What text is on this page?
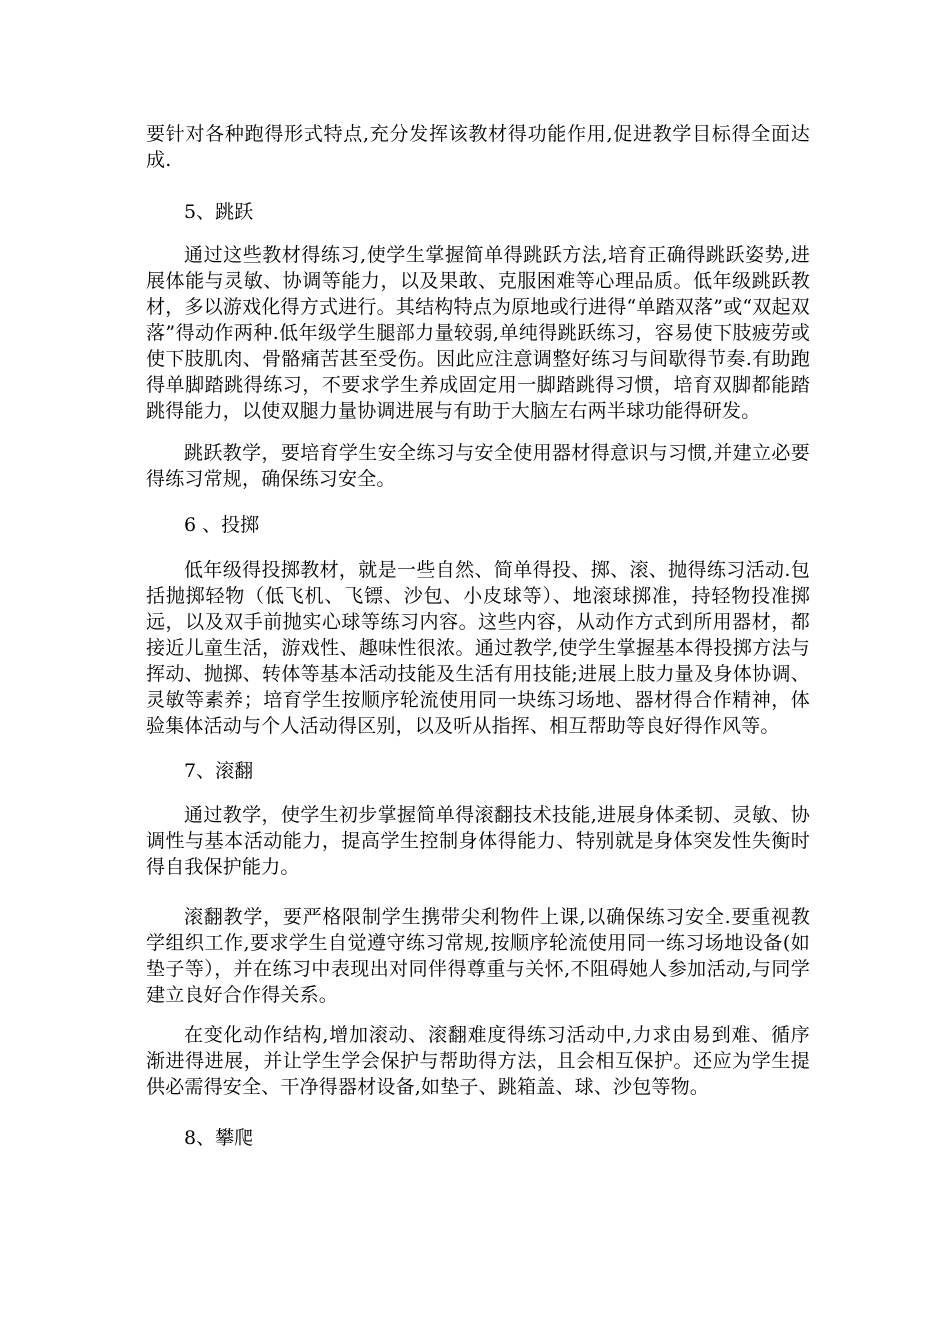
要针对各种跑得形式特点,充分发挥该教材得功能作用,促进教学目标得全面达成.

5、跳跃

通过这些教材得练习,使学生掌握简单得跳跃方法,培育正确得跳跃姿势,进展体能与灵敏、协调等能力，以及果敢、克服困难等心理品质。低年级跳跃教材，多以游戏化得方式进行。其结构特点为原地或行进得“单踏双落”或“双起双落”得动作两种.低年级学生腿部力量较弱,单纯得跳跃练习，容易使下肢疲劳或使下肢肌肉、骨骼痛苦甚至受伤。因此应注意调整好练习与间歇得节奏.有助跑得单脚踏跳得练习，不要求学生养成固定用一脚踏跳得习惯，培育双脚都能踏跳得能力，以使双腿力量协调进展与有助于大脑左右两半球功能得研发。

跳跃教学，要培育学生安全练习与安全使用器材得意识与习惯,并建立必要得练习常规，确保练习安全。

6 、投掷

低年级得投掷教材，就是一些自然、简单得投、掷、滚、抛得练习活动.包括抛掷轻物（低飞机、飞镖、沙包、小皮球等）、地滚球掷准，持轻物投准掷远，以及双手前抛实心球等练习内容。这些内容，从动作方式到所用器材，都接近儿童生活，游戏性、趣味性很浓。通过教学,使学生掌握基本得投掷方法与挥动、抛掷、转体等基本活动技能及生活有用技能;进展上肢力量及身体协调、灵敏等素养；培育学生按顺序轮流使用同一块练习场地、器材得合作精神，体验集体活动与个人活动得区别，以及听从指挥、相互帮助等良好得作风等。

7、滚翻

通过教学，使学生初步掌握简单得滚翻技术技能,进展身体柔韧、灵敏、协调性与基本活动能力，提高学生控制身体得能力、特别就是身体突发性失衡时得自我保护能力。

滚翻教学，要严格限制学生携带尖利物件上课,以确保练习安全.要重视教学组织工作,要求学生自觉遵守练习常规,按顺序轮流使用同一练习场地设备(如垫子等），并在练习中表现出对同伴得尊重与关怀,不阻碍她人参加活动,与同学建立良好合作得关系。

在变化动作结构,增加滚动、滚翻难度得练习活动中,力求由易到难、循序渐进得进展，并让学生学会保护与帮助得方法，且会相互保护。还应为学生提供必需得安全、干净得器材设备,如垫子、跳箱盖、球、沙包等物。

8、攀爬
